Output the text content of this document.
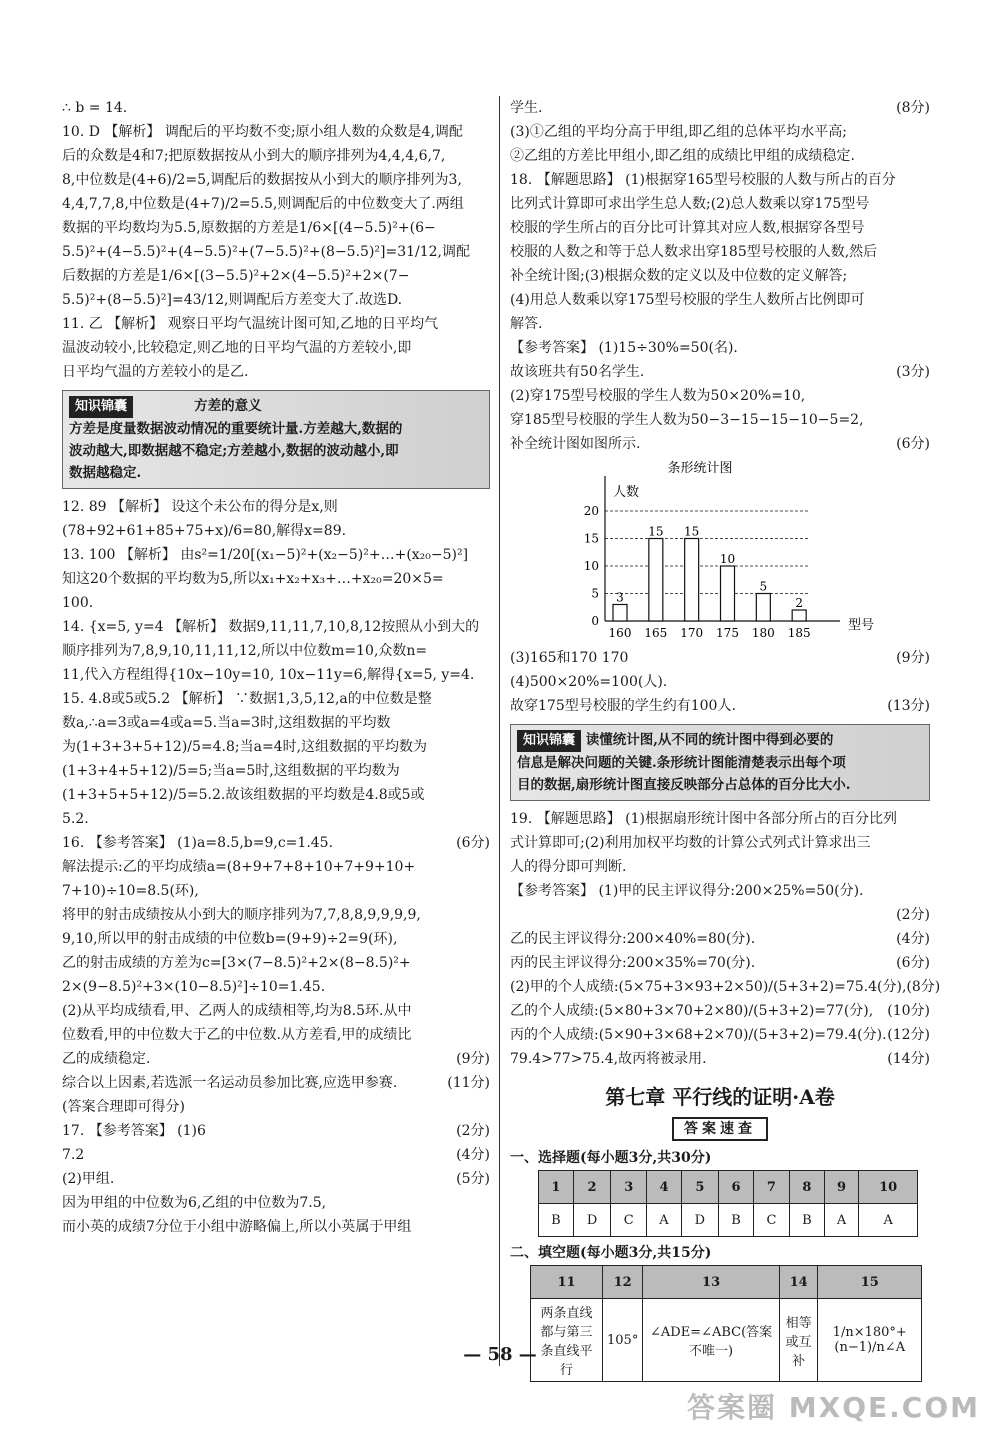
∴ b = 14.

10. D 【解析】 调配后的平均数不变;原小组人数的众数是4,调配

后的众数是4和7;把原数据按从小到大的顺序排列为4,4,4,6,7,

8,中位数是(4+6)/2=5,调配后的数据按从小到大的顺序排列为3,

4,4,7,7,8,中位数是(4+7)/2=5.5,则调配后的中位数变大了.两组

数据的平均数均为5.5,原数据的方差是1/6×[(4−5.5)²+(6−

5.5)²+(4−5.5)²+(4−5.5)²+(7−5.5)²+(8−5.5)²]=31/12,调配

后数据的方差是1/6×[(3−5.5)²+2×(4−5.5)²+2×(7−

5.5)²+(8−5.5)²]=43/12,则调配后方差变大了.故选D.

11. 乙 【解析】 观察日平均气温统计图可知,乙地的日平均气

温波动较小,比较稳定,则乙地的日平均气温的方差较小,即

日平均气温的方差较小的是乙.

知识锦囊	方差的意义

方差是度量数据波动情况的重要统计量.方差越大,数据的

波动越大,即数据越不稳定;方差越小,数据的波动越小,即

数据越稳定.

12. 89 【解析】 设这个未公布的得分是x,则

(78+92+61+85+75+x)/6=80,解得x=89.

13. 100 【解析】 由s²=1/20[(x₁−5)²+(x₂−5)²+…+(x₂₀−5)²]

知这20个数据的平均数为5,所以x₁+x₂+x₃+…+x₂₀=20×5=

100.

14. {x=5, y=4 【解析】 数据9,11,11,7,10,8,12按照从小到大的

顺序排列为7,8,9,10,11,11,12,所以中位数m=10,众数n=

11,代入方程组得{10x−10y=10, 10x−11y=6,解得{x=5, y=4.

15. 4.8或5或5.2 【解析】 ∵数据1,3,5,12,a的中位数是整

数a,∴a=3或a=4或a=5.当a=3时,这组数据的平均数

为(1+3+3+5+12)/5=4.8;当a=4时,这组数据的平均数为

(1+3+4+5+12)/5=5;当a=5时,这组数据的平均数为

(1+3+5+5+12)/5=5.2.故该组数据的平均数是4.8或5或

5.2.

16. 【参考答案】 (1)a=8.5,b=9,c=1.45.	(6分)

解法提示:乙的平均成绩a=(8+9+7+8+10+7+9+10+

7+10)÷10=8.5(环),

将甲的射击成绩按从小到大的顺序排列为7,7,8,8,9,9,9,9,

9,10,所以甲的射击成绩的中位数b=(9+9)÷2=9(环),

乙的射击成绩的方差为c=[3×(7−8.5)²+2×(8−8.5)²+

2×(9−8.5)²+3×(10−8.5)²]÷10=1.45.

(2)从平均成绩看,甲、乙两人的成绩相等,均为8.5环.从中

位数看,甲的中位数大于乙的中位数.从方差看,甲的成绩比

乙的成绩稳定.	(9分)

综合以上因素,若选派一名运动员参加比赛,应选甲参赛.	(11分)

(答案合理即可得分)

17. 【参考答案】 (1)6	(2分)

7.2	(4分)

(2)甲组.	(5分)

因为甲组的中位数为6,乙组的中位数为7.5,

而小英的成绩7分位于小组中游略偏上,所以小英属于甲组

学生.	(8分)

(3)①乙组的平均分高于甲组,即乙组的总体平均水平高;

②乙组的方差比甲组小,即乙组的成绩比甲组的成绩稳定.

18. 【解题思路】 (1)根据穿165型号校服的人数与所占的百分

比列式计算即可求出学生总人数;(2)总人数乘以穿175型号

校服的学生所占的百分比可计算其对应人数,根据穿各型号

校服的人数之和等于总人数求出穿185型号校服的人数,然后

补全统计图;(3)根据众数的定义以及中位数的定义解答;

(4)用总人数乘以穿175型号校服的学生人数所占比例即可

解答.

【参考答案】 (1)15÷30%=50(名).

故该班共有50名学生.	(3分)

(2)穿175型号校服的学生人数为50×20%=10,

穿185型号校服的学生人数为50−3−15−15−10−5=2,

补全统计图如图所示.	(6分)

条形统计图
人数
型号
0
5
10
15
20
3
160
15
165
15
170
10
175
5
180
2
185

(3)165和170 170	(9分)

(4)500×20%=100(人).

故穿175型号校服的学生约有100人.	(13分)

知识锦囊 读懂统计图,从不同的统计图中得到必要的

信息是解决问题的关键.条形统计图能清楚表示出每个项

目的数据,扇形统计图直接反映部分占总体的百分比大小.

19. 【解题思路】 (1)根据扇形统计图中各部分所占的百分比列

式计算即可;(2)利用加权平均数的计算公式列式计算求出三

人的得分即可判断.

【参考答案】 (1)甲的民主评议得分:200×25%=50(分).

(2分)

乙的民主评议得分:200×40%=80(分).	(4分)

丙的民主评议得分:200×35%=70(分).	(6分)

(2)甲的个人成绩:(5×75+3×93+2×50)/(5+3+2)=75.4(分), (8分)

乙的个人成绩:(5×80+3×70+2×80)/(5+3+2)=77(分), (10分)

丙的个人成绩:(5×90+3×68+2×70)/(5+3+2)=79.4(分). (12分)

79.4>77>75.4,故丙将被录用.	(14分)

第七章 平行线的证明·A卷
答案速查

一、选择题(每小题3分,共30分)

1	2	3	4	5	6	7	8	9	10
B	D	C	A	D	B	C	B	A	A

二、填空题(每小题3分,共15分)

11	12	13	14	15
两条直线都与第三条直线平行	105°	∠ADE=∠ABC(答案不唯一)	相等或互补	1/n×180°+(n−1)/n∠A
— 58 —
答案圈 MXQE.COM
